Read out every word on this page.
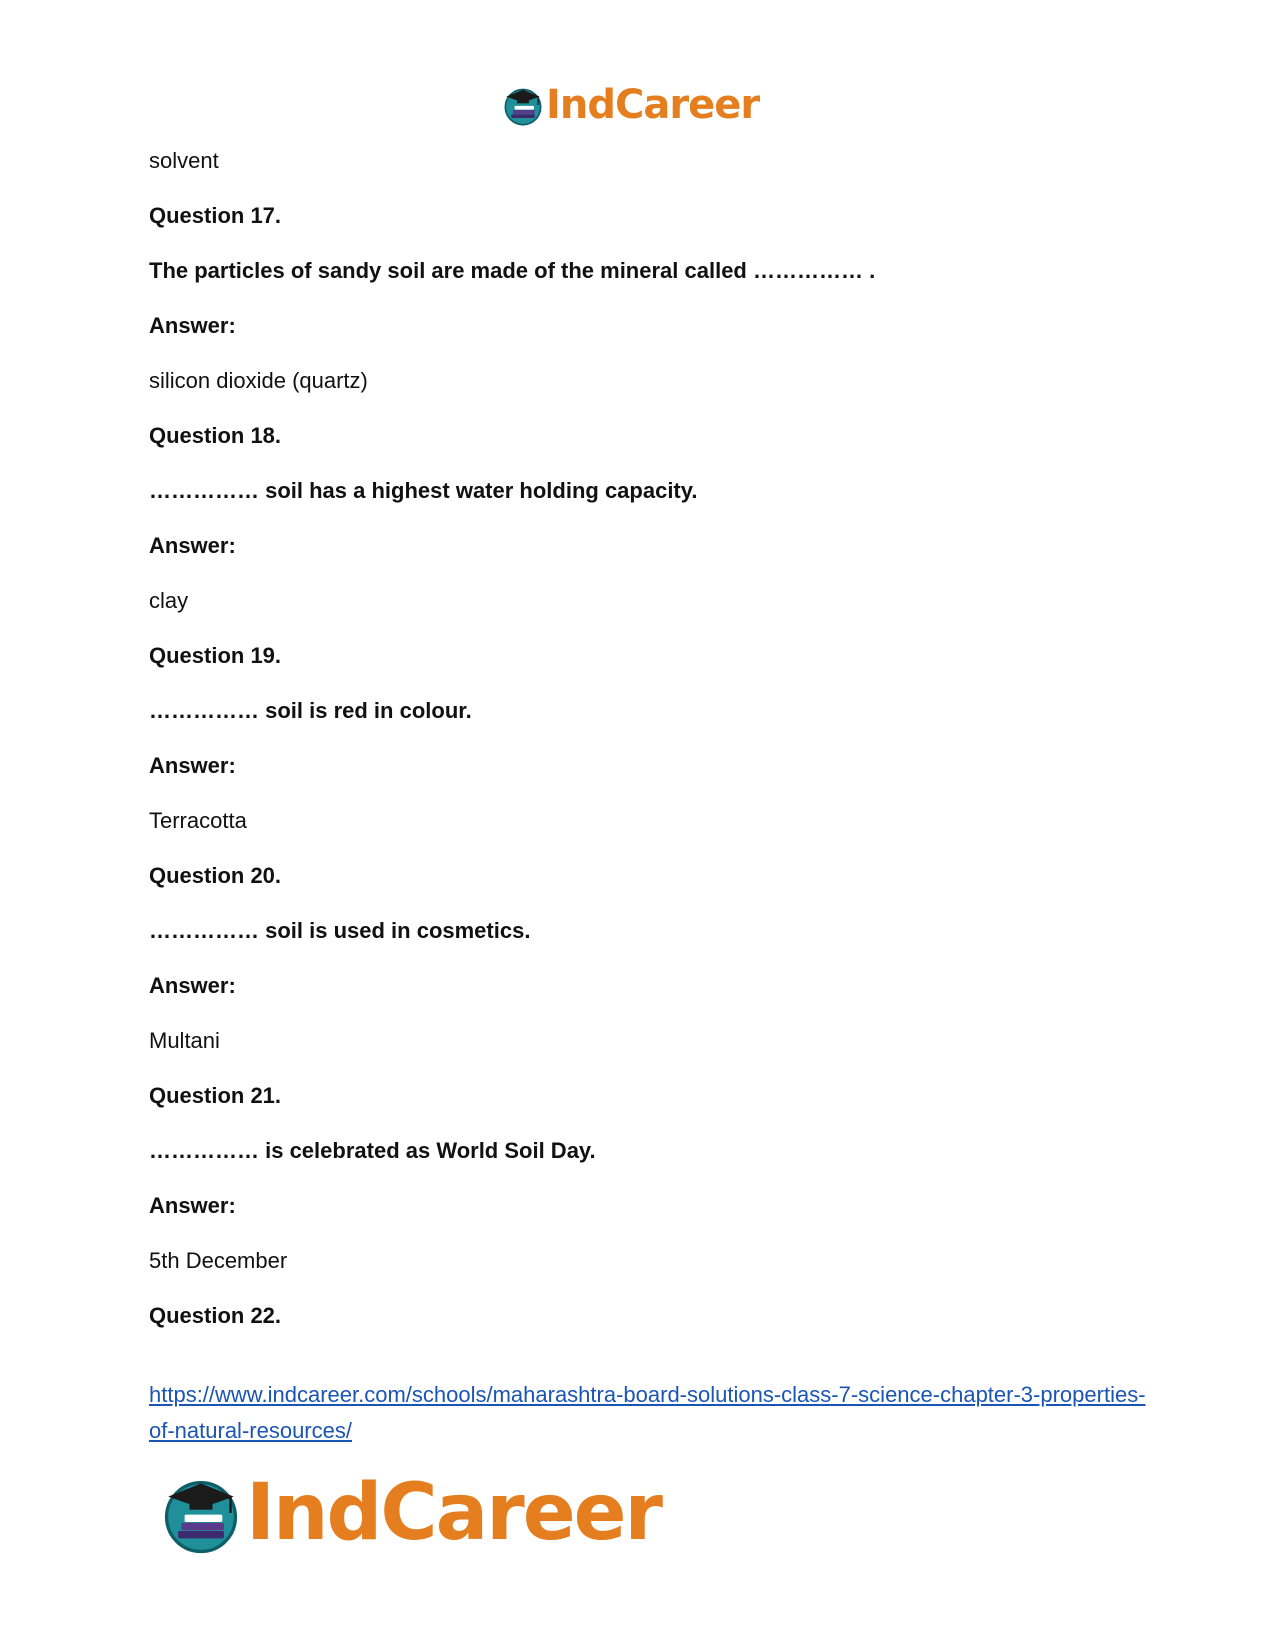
IndCareer
solvent
Question 17.
The particles of sandy soil are made of the mineral called …………… .
Answer:
silicon dioxide (quartz)
Question 18.
…………… soil has a highest water holding capacity.
Answer:
clay
Question 19.
…………… soil is red in colour.
Answer:
Terracotta
Question 20.
…………… soil is used in cosmetics.
Answer:
Multani
Question 21.
…………… is celebrated as World Soil Day.
Answer:
5th December
Question 22.
https://www.indcareer.com/schools/maharashtra-board-solutions-class-7-science-chapter-3-properties-of-natural-resources/
IndCareer
